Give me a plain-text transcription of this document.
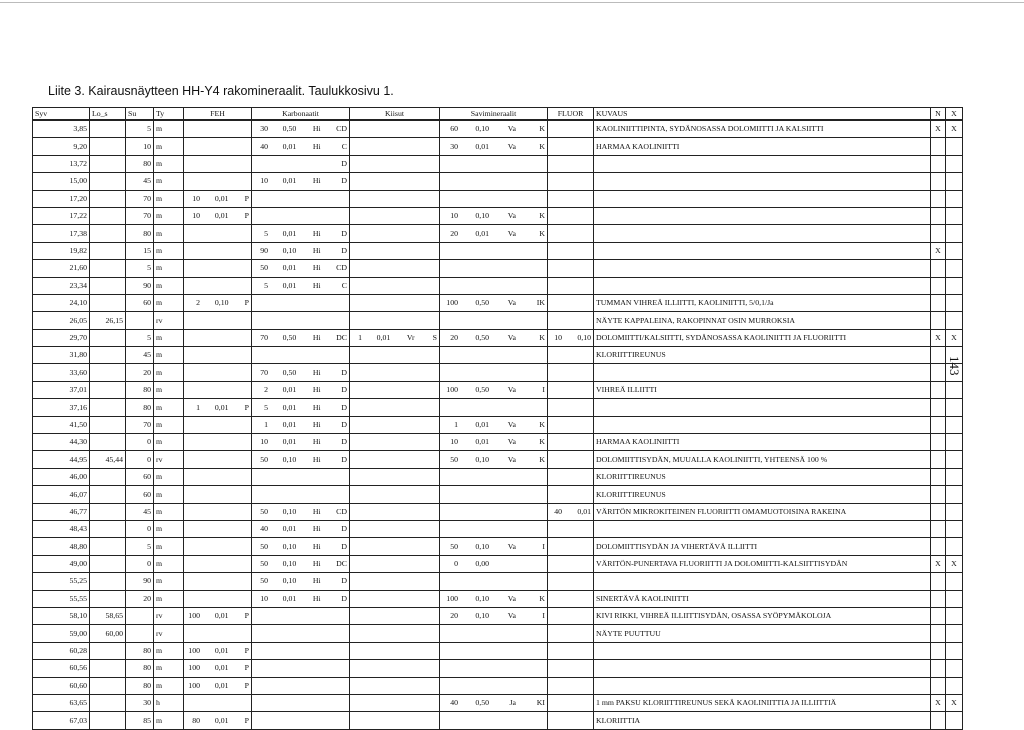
Liite 3. Kairausnäytteen HH-Y4 rakomineraalit. Taulukkosivu 1.
Syv	Lo_s	Su	Ty	FEH	Karbonaatit	Kiisut	Savimineraalit	FLUOR	KUVAUS	N	X
3,85		5	m		30 0,50 Hi CD		60 0,10 Va K		KAOLINIITTIPINTA, SYDÄNOSASSA DOLOMIITTI JA KALSIITTI	X	X
9,20		10	m		40 0,01 Hi C		30 0,01 Va K		HARMAA KAOLINIITTI		
13,72		80	m		D						

15,00		45	m		10 0,01 Hi D						

17,20		70	m	10 0,01 P							

17,22		70	m	10 0,01 P			10 0,10 Va K				

17,38		80	m		5 0,01 Hi D		20 0,01 Va K				

19,82		15	m		90 0,10 Hi D					X	
21,60		5	m		50 0,01 Hi CD						

23,34		90	m		5 0,01 Hi C						

24,10		60	m	2 0,10 P			100 0,50 Va IK		TUMMAN VIHREÄ ILLIITTI, KAOLINIITTI, 5/0,1/Ja		
26,05	26,15		rv						NÄYTE KAPPALEINA, RAKOPINNAT OSIN MURROKSIA		
29,70		5	m		70 0,50 Hi DC	1 0,01 Vr S	20 0,50 Va K	10 0,10	DOLOMIITTI/KALSIITTI, SYDÄNOSASSA KAOLINIITTI JA FLUORIITTI	X	X
31,80		45	m						KLORIITTIREUNUS		
33,60		20	m		70 0,50 Hi D						

37,01		80	m		2 0,01 Hi D		100 0,50 Va I		VIHREÄ ILLIITTI		
37,16		80	m	1 0,01 P	5 0,01 Hi D						

41,50		70	m		1 0,01 Hi D		1 0,01 Va K				

44,30		0	m		10 0,01 Hi D		10 0,01 Va K		HARMAA KAOLINIITTI		
44,95	45,44	0	rv		50 0,10 Hi D		50 0,10 Va K		DOLOMIITTISYDÄN, MUUALLA KAOLINIITTI, YHTEENSÄ 100 %		
46,00		60	m						KLORIITTIREUNUS		
46,07		60	m						KLORIITTIREUNUS		
46,77		45	m		50 0,10 Hi CD			40 0,01	VÄRITÖN MIKROKITEINEN FLUORIITTI OMAMUOTOISINA RAKEINA		
48,43		0	m		40 0,01 Hi D						

48,80		5	m		50 0,10 Hi D		50 0,10 Va I		DOLOMIITTISYDÄN JA VIHERTÄVÄ ILLIITTI		
49,00		0	m		50 0,10 Hi DC		0 0,00		VÄRITÖN-PUNERTAVA FLUORIITTI JA DOLOMIITTI-KALSIITTISYDÄN	X	X
55,25		90	m		50 0,10 Hi D						

55,55		20	m		10 0,01 Hi D		100 0,10 Va K		SINERTÄVÄ KAOLINIITTI		
58,10	58,65		rv	100 0,01 P			20 0,10 Va I		KIVI RIKKI, VIHREÄ ILLIITTISYDÄN, OSASSA SYÖPYMÄKOLOJA		
59,00	60,00		rv						NÄYTE PUUTTUU		
60,28		80	m	100 0,01 P							

60,56		80	m	100 0,01 P							

60,60		80	m	100 0,01 P							

63,65		30	h				40 0,50 Ja KI		1 mm PAKSU KLORIITTIREUNUS SEKÄ KAOLINIITTIA JA ILLIITTIÄ	X	X
67,03		85	m	80 0,01 P					KLORIITTIA		
143
